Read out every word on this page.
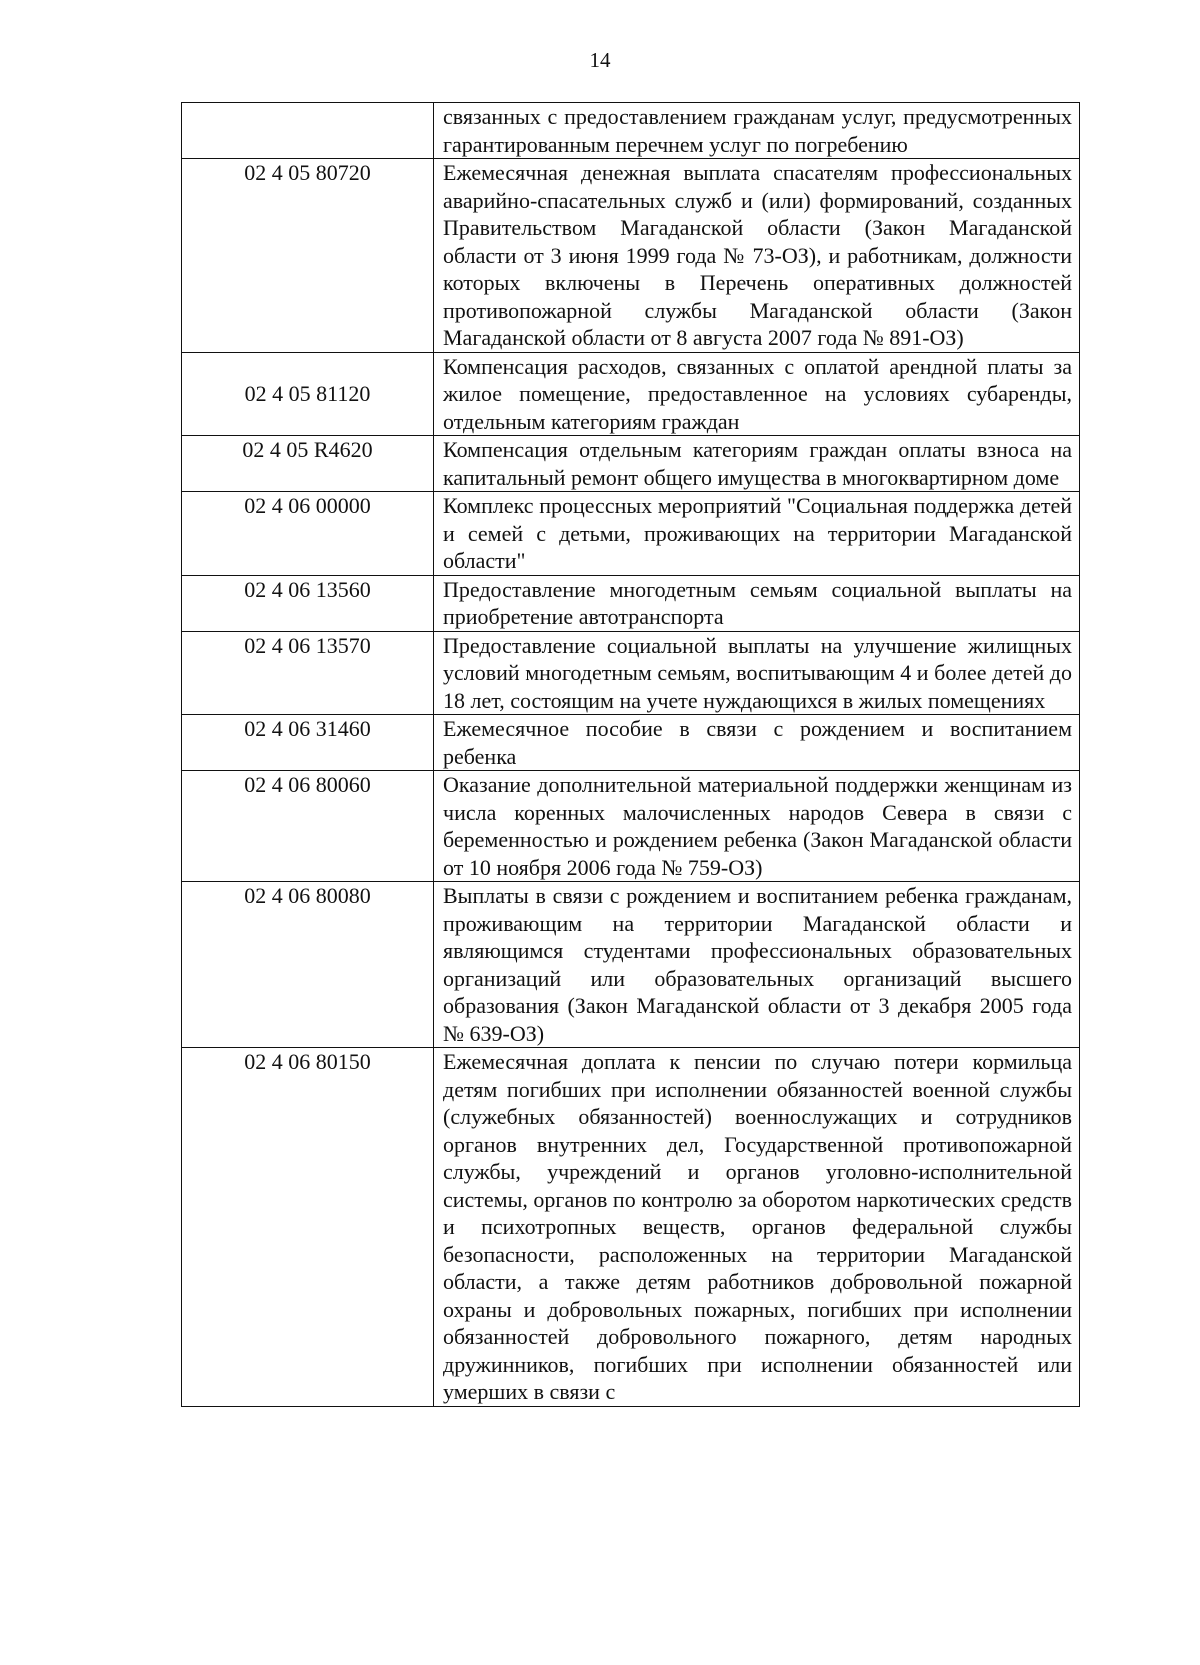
14

	связанных с предоставлением гражданам услуг, предусмотренных гарантированным перечнем услуг по погребению

02 4 05 80720	Ежемесячная денежная выплата спасателям профессиональных аварийно-спасательных служб и (или) формирований, созданных Правительством Магаданской области (Закон Магаданской области от 3 июня 1999 года № 73-ОЗ), и работникам, должности которых включены в Перечень оперативных должностей противопожарной службы Магаданской области (Закон Магаданской области от 8 августа 2007 года № 891-ОЗ)

02 4 05 81120	Компенсация расходов, связанных с оплатой арендной платы за жилое помещение, предоставленное на условиях субаренды, отдельным категориям граждан

02 4 05 R4620	Компенсация отдельным категориям граждан оплаты взноса на капитальный ремонт общего имущества в многоквартирном доме

02 4 06 00000	Комплекс процессных мероприятий "Социальная поддержка детей и семей с детьми, проживающих на территории Магаданской области"

02 4 06 13560	Предоставление многодетным семьям социальной выплаты на приобретение автотранспорта

02 4 06 13570	Предоставление социальной выплаты на улучшение жилищных условий многодетным семьям, воспитывающим 4 и более детей до 18 лет, состоящим на учете нуждающихся в жилых помещениях

02 4 06 31460	Ежемесячное пособие в связи с рождением и воспитанием ребенка

02 4 06 80060	Оказание дополнительной материальной поддержки женщинам из числа коренных малочисленных народов Севера в связи с беременностью и рождением ребенка (Закон Магаданской области от 10 ноября 2006 года № 759-ОЗ)

02 4 06 80080	Выплаты в связи с рождением и воспитанием ребенка гражданам, проживающим на территории Магаданской области и являющимся студентами профессиональных образовательных организаций или образовательных организаций высшего образования (Закон Магаданской области от 3 декабря 2005 года № 639-ОЗ)

02 4 06 80150	Ежемесячная доплата к пенсии по случаю потери кормильца детям погибших при исполнении обязанностей военной службы (служебных обязанностей) военнослужащих и сотрудников органов внутренних дел, Государственной противопожарной службы, учреждений и органов уголовно-исполнительной системы, органов по контролю за оборотом наркотических средств и психотропных веществ, органов федеральной службы безопасности, расположенных на территории Магаданской области, а также детям работников добровольной пожарной охраны и добровольных пожарных, погибших при исполнении обязанностей добровольного пожарного, детям народных дружинников, погибших при исполнении обязанностей или умерших в связи с
